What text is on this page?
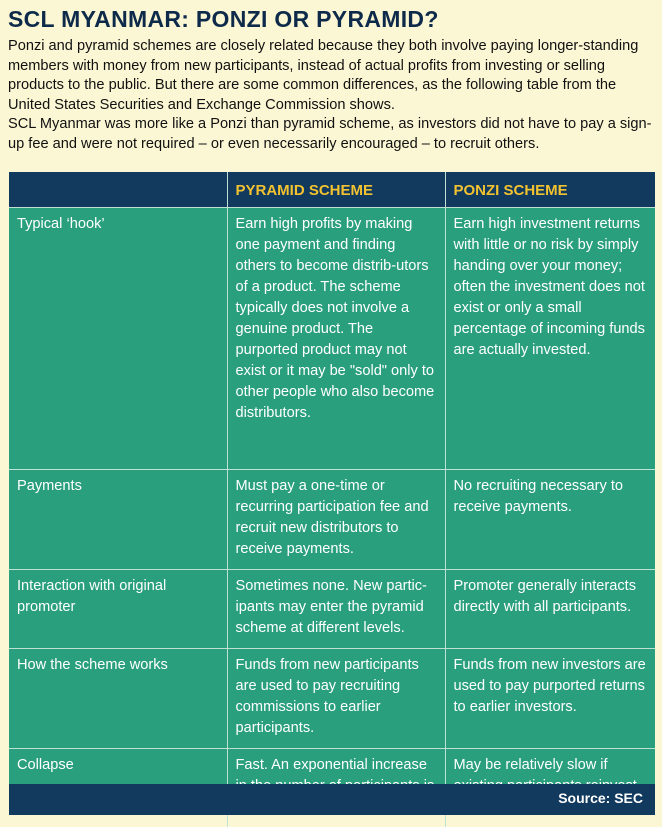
SCL MYANMAR: PONZI OR PYRAMID?

Ponzi and pyramid schemes are closely related because they both involve paying longer-standing members with money from new participants, instead of actual profits from investing or selling products to the public. But there are some common differences, as the following table from the United States Securities and Exchange Commission shows.

SCL Myanmar was more like a Ponzi than pyramid scheme, as investors did not have to pay a sign-up fee and were not required – or even necessarily encouraged – to recruit others.

	PYRAMID SCHEME	PONZI SCHEME
Typical ‘hook’	Earn high profits by making one payment and finding others to become distrib-utors of a product. The scheme typically does not involve a genuine product. The purported product may not exist or it may be "sold" only to other people who also become distributors.	Earn high investment returns with little or no risk by simply handing over your money; often the investment does not exist or only a small percentage of incoming funds are actually invested.
Payments	Must pay a one-time or recurring participation fee and recruit new distributors to receive payments.	No recruiting necessary to receive payments.
Interaction with original promoter	Sometimes none. New partic-ipants may enter the pyramid scheme at different levels.	Promoter generally interacts directly with all participants.
How the scheme works	Funds from new participants are used to pay recruiting commissions to earlier participants.	Funds from new investors are used to pay purported returns to earlier investors.
Collapse	Fast. An exponential increase	May be relatively slow if
Source: SEC
